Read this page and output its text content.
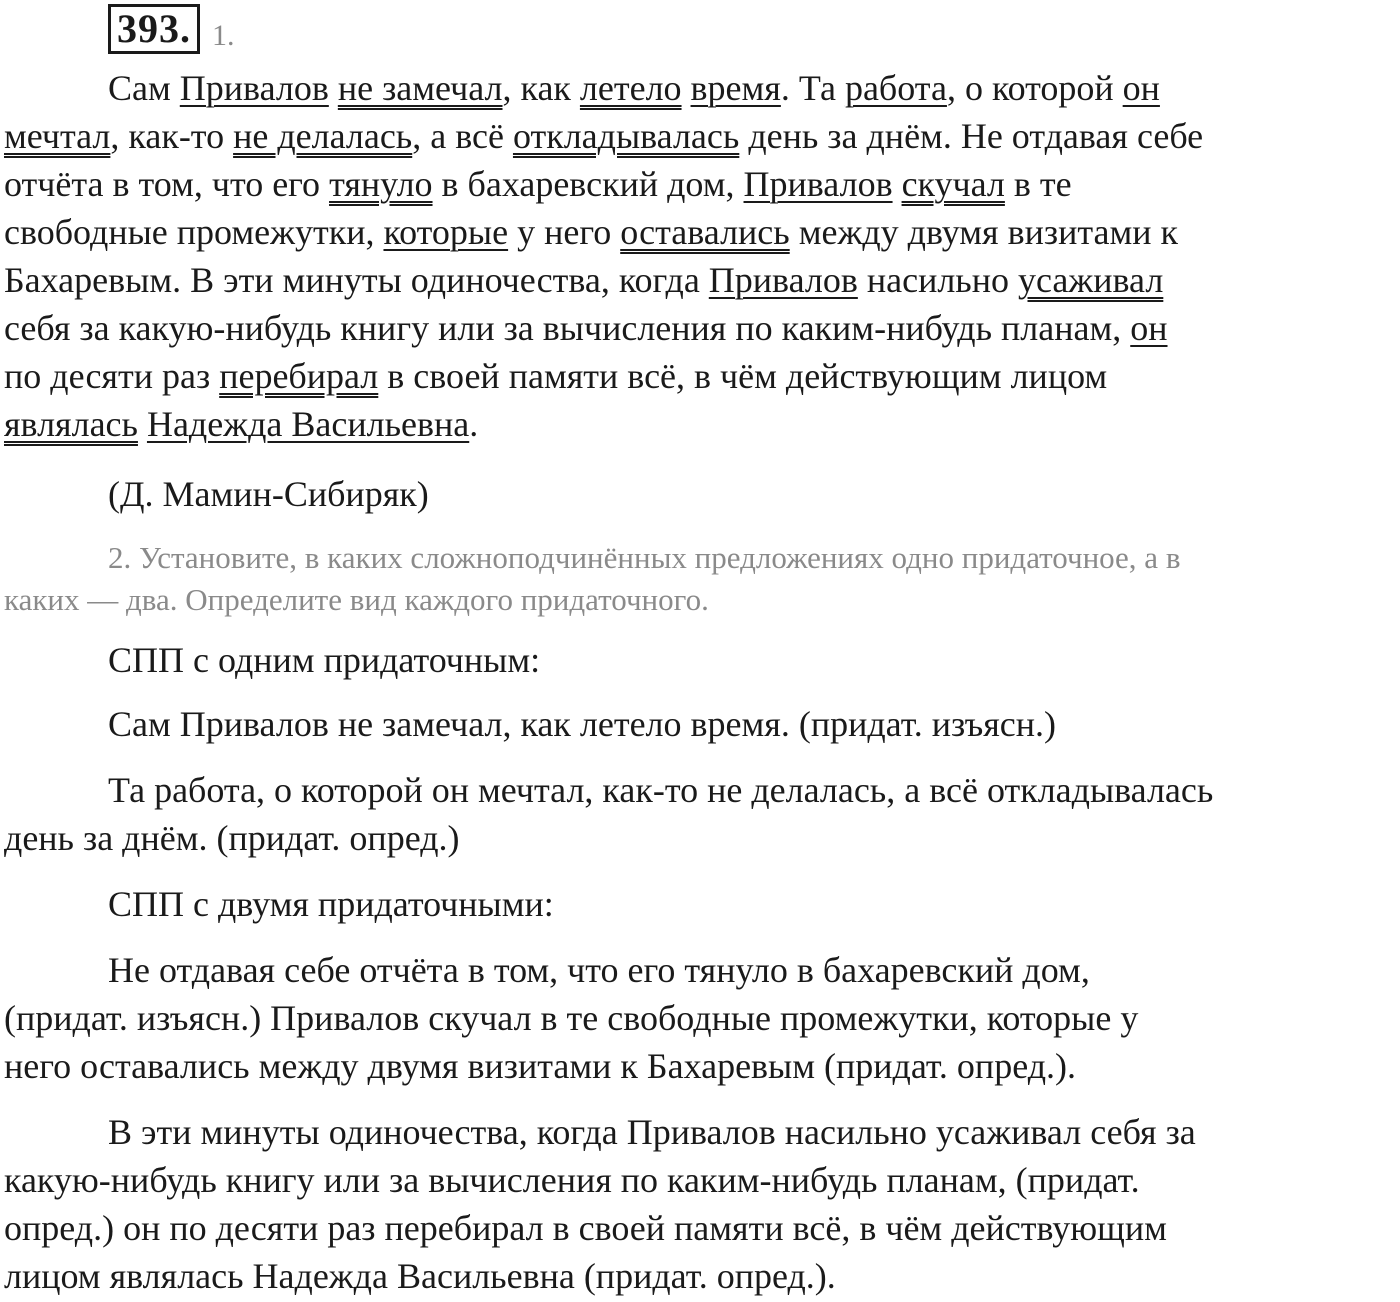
393. 1.
Сам Привалов не замечал, как летело время. Та работа, о которой он
мечтал, как-то не делалась, а всё откладывалась день за днём. Не отдавая себе
отчёта в том, что его тянуло в бахаревский дом, Привалов скучал в те
свободные промежутки, которые у него оставались между двумя визитами к
Бахаревым. В эти минуты одиночества, когда Привалов насильно усаживал
себя за какую-нибудь книгу или за вычисления по каким-нибудь планам, он
по десяти раз перебирал в своей памяти всё, в чём действующим лицом
являлась Надежда Васильевна.
(Д. Мамин-Сибиряк)
2. Установите, в каких сложноподчинённых предложениях одно придаточное, а в
каких — два. Определите вид каждого придаточного.
СПП с одним придаточным:
Сам Привалов не замечал, как летело время. (придат. изъясн.)
Та работа, о которой он мечтал, как-то не делалась, а всё откладывалась
день за днём. (придат. опред.)
СПП с двумя придаточными:
Не отдавая себе отчёта в том, что его тянуло в бахаревский дом,
(придат. изъясн.) Привалов скучал в те свободные промежутки, которые у
него оставались между двумя визитами к Бахаревым (придат. опред.).
В эти минуты одиночества, когда Привалов насильно усаживал себя за
какую-нибудь книгу или за вычисления по каким-нибудь планам, (придат.
опред.) он по десяти раз перебирал в своей памяти всё, в чём действующим
лицом являлась Надежда Васильевна (придат. опред.).
